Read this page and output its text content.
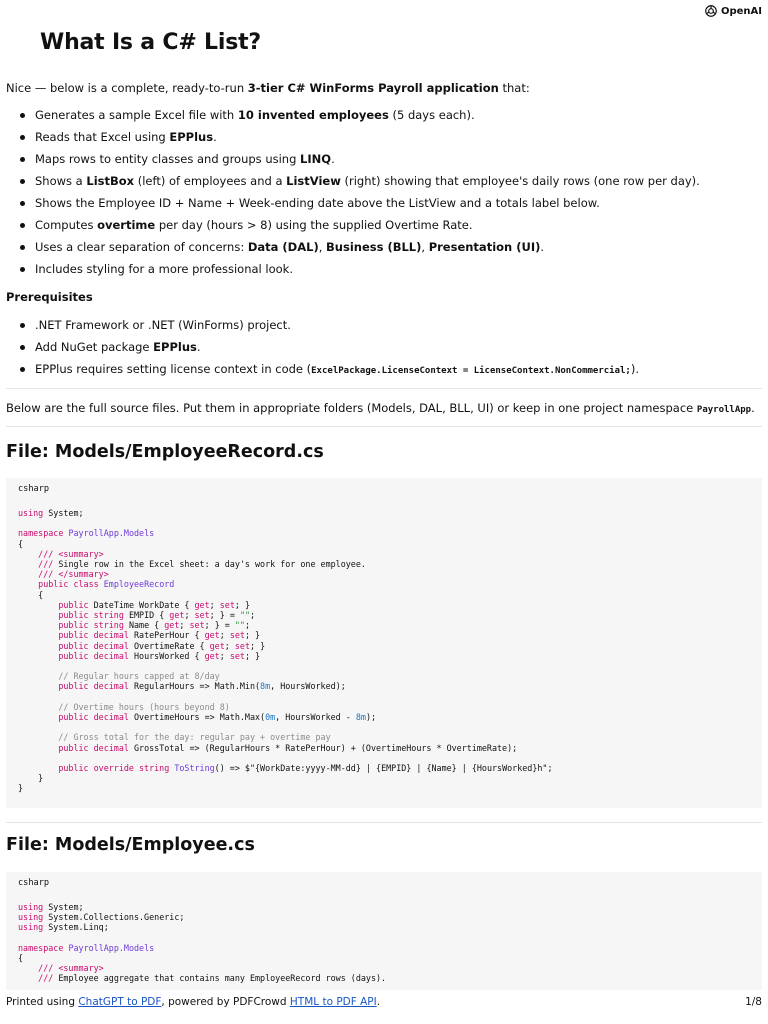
OpenAI
What Is a C# List?
Nice — below is a complete, ready-to-run 3-tier C# WinForms Payroll application that:
Generates a sample Excel file with 10 invented employees (5 days each).
Reads that Excel using EPPlus.
Maps rows to entity classes and groups using LINQ.
Shows a ListBox (left) of employees and a ListView (right) showing that employee's daily rows (one row per day).
Shows the Employee ID + Name + Week-ending date above the ListView and a totals label below.
Computes overtime per day (hours > 8) using the supplied Overtime Rate.
Uses a clear separation of concerns: Data (DAL), Business (BLL), Presentation (UI).
Includes styling for a more professional look.
Prerequisites
.NET Framework or .NET (WinForms) project.
Add NuGet package EPPlus.
EPPlus requires setting license context in code (ExcelPackage.LicenseContext = LicenseContext.NonCommercial;).
Below are the full source files. Put them in appropriate folders (Models, DAL, BLL, UI) or keep in one project namespace PayrollApp.
File: Models/EmployeeRecord.cs
csharp
using System;

namespace PayrollApp.Models
{
/// <summary>
/// Single row in the Excel sheet: a day's work for one employee.
/// </summary>
public class EmployeeRecord
{
public DateTime WorkDate { get; set; }
public string EMPID { get; set; } = "";
public string Name { get; set; } = "";
public decimal RatePerHour { get; set; }
public decimal OvertimeRate { get; set; }
public decimal HoursWorked { get; set; }

// Regular hours capped at 8/day
public decimal RegularHours => Math.Min(8m, HoursWorked);

// Overtime hours (hours beyond 8)
public decimal OvertimeHours => Math.Max(0m, HoursWorked - 8m);

// Gross total for the day: regular pay + overtime pay
public decimal GrossTotal => (RegularHours * RatePerHour) + (OvertimeHours * OvertimeRate);

public override string ToString() => $"{WorkDate:yyyy-MM-dd} | {EMPID} | {Name} | {HoursWorked}h";
}
}
File: Models/Employee.cs
csharp
using System;
using System.Collections.Generic;
using System.Linq;

namespace PayrollApp.Models
{
/// <summary>
/// Employee aggregate that contains many EmployeeRecord rows (days).
Printed using ChatGPT to PDF, powered by PDFCrowd HTML to PDF API.	1/8
